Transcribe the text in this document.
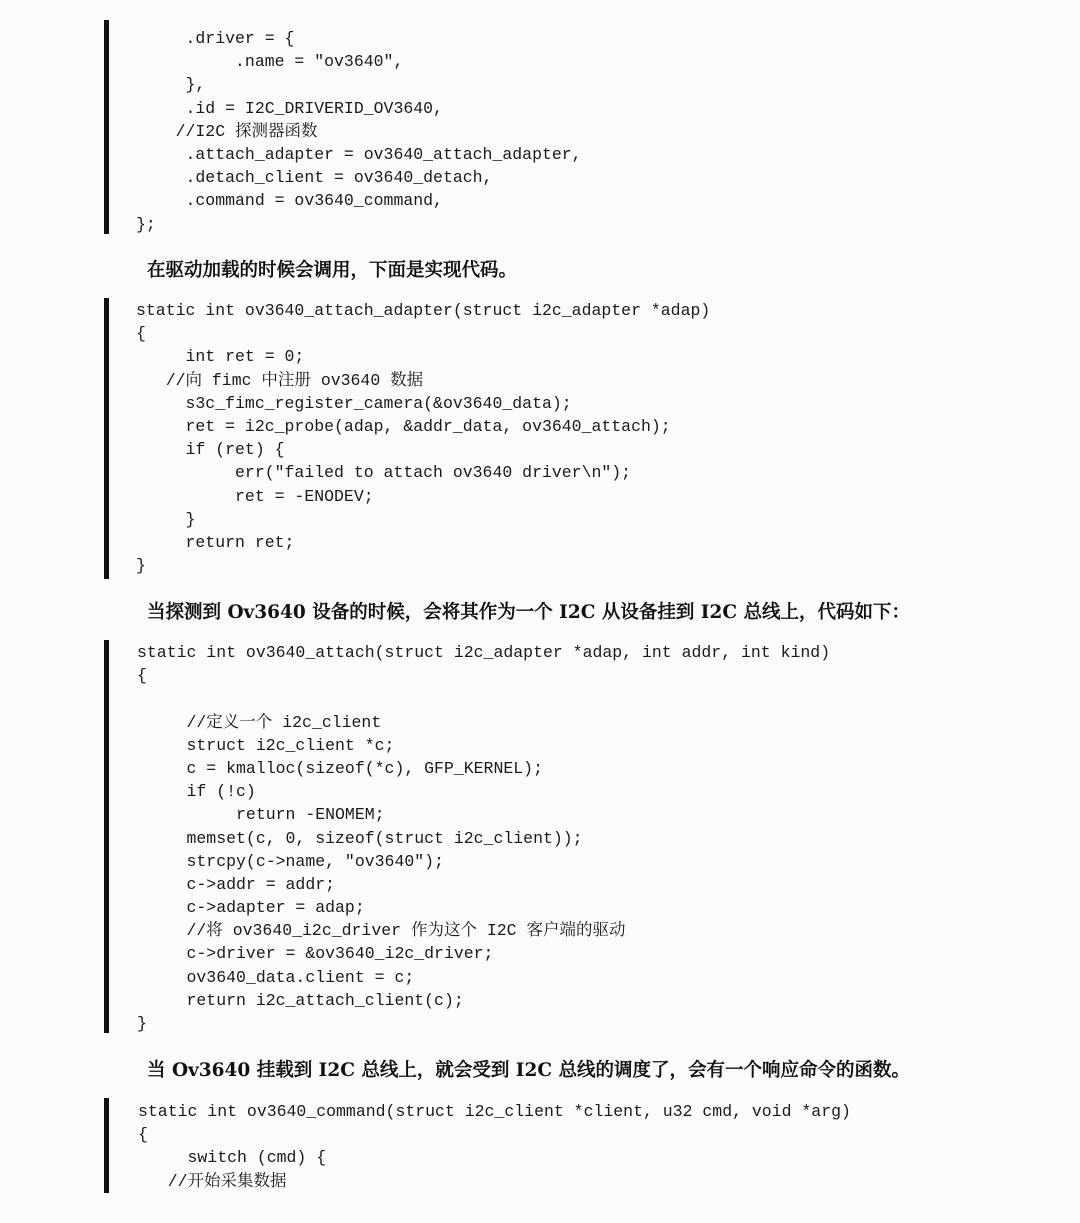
.driver = {
.name = "ov3640",
},
.id = I2C_DRIVERID_OV3640,
//I2C 探测器函数
.attach_adapter = ov3640_attach_adapter,
.detach_client = ov3640_detach,
.command = ov3640_command,
};
在驱动加载的时候会调用，下面是实现代码。
static int ov3640_attach_adapter(struct i2c_adapter *adap)
{
int ret = 0;
//向 fimc 中注册 ov3640 数据
s3c_fimc_register_camera(&ov3640_data);
ret = i2c_probe(adap, &addr_data, ov3640_attach);
if (ret) {
err("failed to attach ov3640 driver\n");
ret = -ENODEV;
}
return ret;
}
当探测到 Ov3640 设备的时候，会将其作为一个 I2C 从设备挂到 I2C 总线上，代码如下：
static int ov3640_attach(struct i2c_adapter *adap, int addr, int kind)
{
//定义一个 i2c_client
struct i2c_client *c;
c = kmalloc(sizeof(*c), GFP_KERNEL);
if (!c)
return -ENOMEM;
memset(c, 0, sizeof(struct i2c_client));
strcpy(c->name, "ov3640");
c->addr = addr;
c->adapter = adap;
//将 ov3640_i2c_driver 作为这个 I2C 客户端的驱动
c->driver = &ov3640_i2c_driver;
ov3640_data.client = c;
return i2c_attach_client(c);
}
当 Ov3640 挂载到 I2C 总线上，就会受到 I2C 总线的调度了，会有一个响应命令的函数。
static int ov3640_command(struct i2c_client *client, u32 cmd, void *arg)
{
switch (cmd) {
//开始采集数据
